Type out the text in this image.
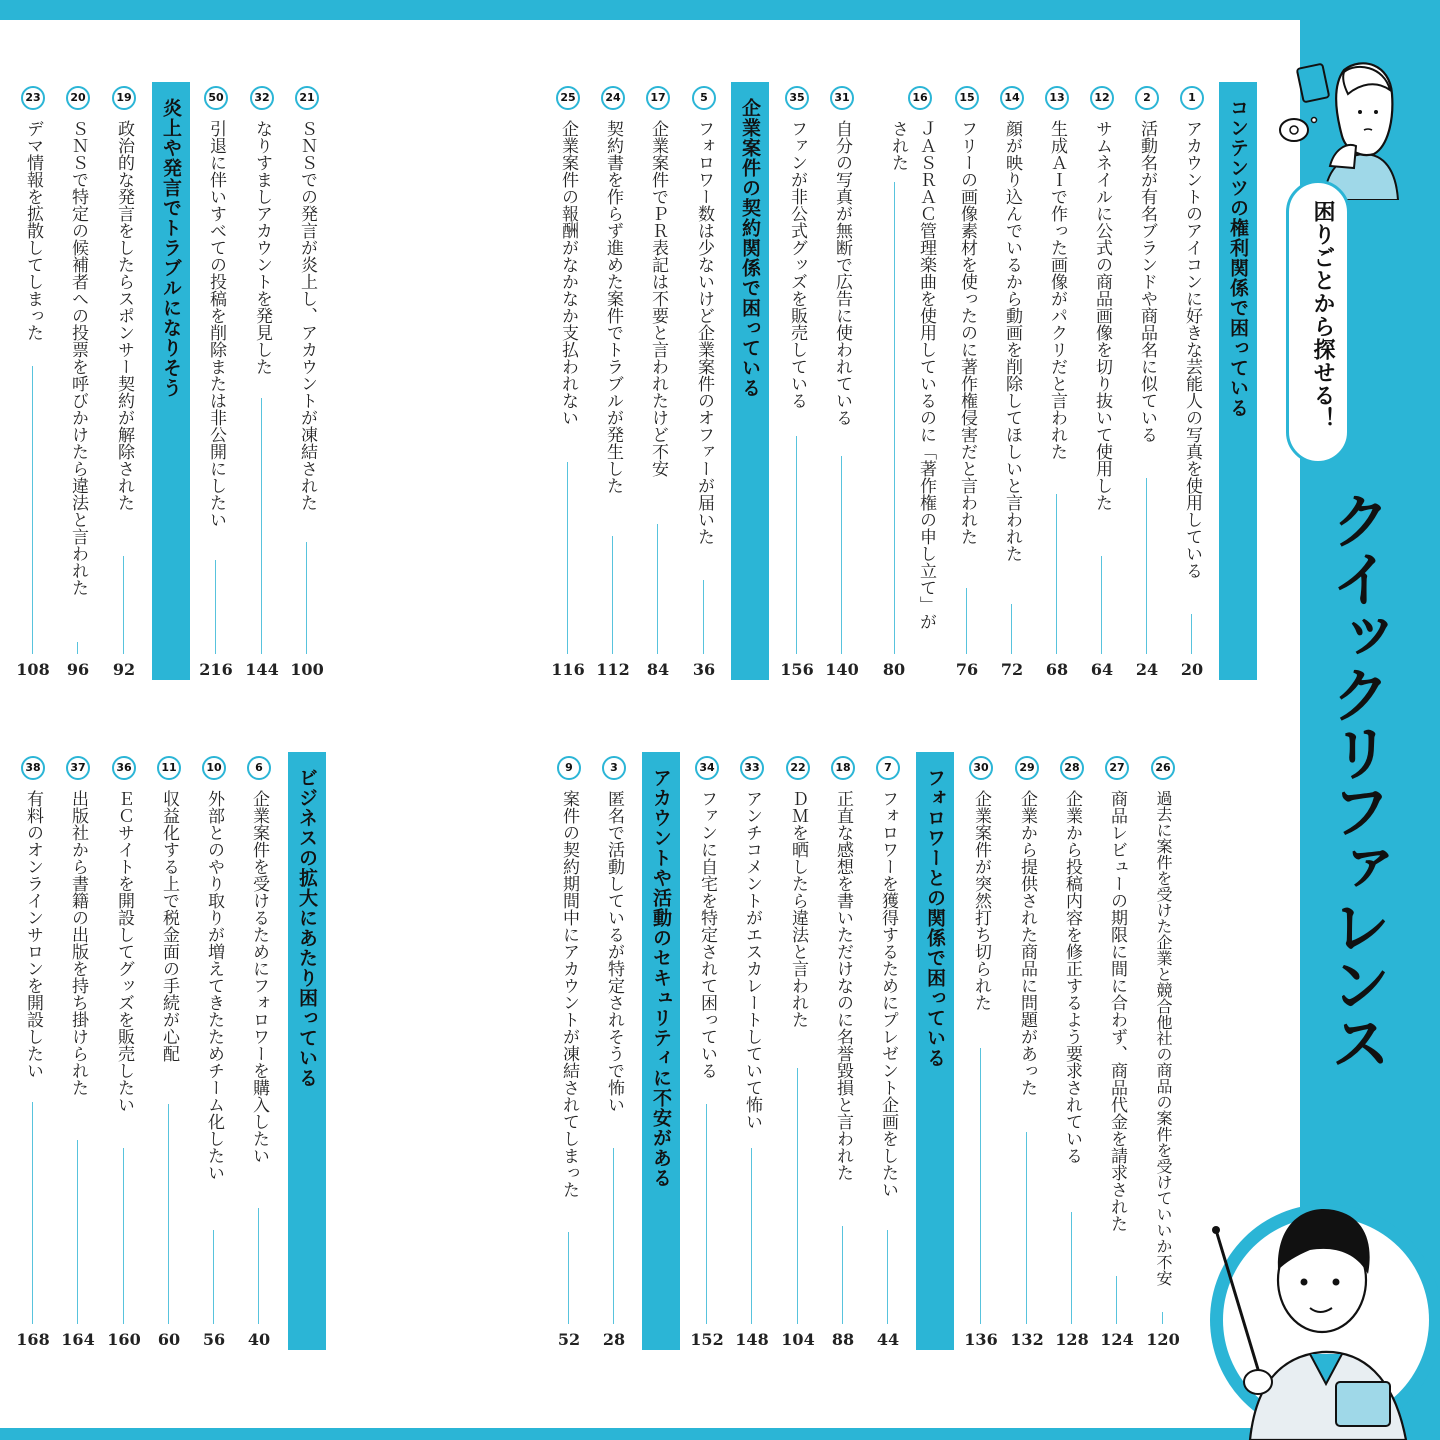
困りごとから探せる！
クイックリファレンス
コンテンツの権利関係で困っている
1
アカウントのアイコンに好きな芸能人の写真を使用している
20
2
活動名が有名ブランドや商品名に似ている
24
12
サムネイルに公式の商品画像を切り抜いて使用した
64
13
生成ＡＩで作った画像がパクリだと言われた
68
14
顔が映り込んでいるから動画を削除してほしいと言われた
72
15
フリーの画像素材を使ったのに著作権侵害だと言われた
76
16
ＪＡＳＲＡＣ管理楽曲を使用しているのに「著作権の申し立て」がされた
80
31
自分の写真が無断で広告に使われている
140
35
ファンが非公式グッズを販売している
156
企業案件の契約関係で困っている
5
フォロワー数は少ないけど企業案件のオファーが届いた
36
17
企業案件でＰＲ表記は不要と言われたけど不安
84
24
契約書を作らず進めた案件でトラブルが発生した
112
25
企業案件の報酬がなかなか支払われない
116
21
ＳＮＳでの発言が炎上し、アカウントが凍結された
100
32
なりすましアカウントを発見した
144
50
引退に伴いすべての投稿を削除または非公開にしたい
216
炎上や発言でトラブルになりそう
19
政治的な発言をしたらスポンサー契約が解除された
92
20
ＳＮＳで特定の候補者への投票を呼びかけたら違法と言われた
96
23
デマ情報を拡散してしまった
108
26
過去に案件を受けた企業と競合他社の商品の案件を受けていいか不安
120
27
商品レビューの期限に間に合わず、商品代金を請求された
124
28
企業から投稿内容を修正するよう要求されている
128
29
企業から提供された商品に問題があった
132
30
企業案件が突然打ち切られた
136
フォロワーとの関係で困っている
7
フォロワーを獲得するためにプレゼント企画をしたい
44
18
正直な感想を書いただけなのに名誉毀損と言われた
88
22
ＤＭを晒したら違法と言われた
104
33
アンチコメントがエスカレートしていて怖い
148
34
ファンに自宅を特定されて困っている
152
アカウントや活動のセキュリティに不安がある
3
匿名で活動しているが特定されそうで怖い
28
9
案件の契約期間中にアカウントが凍結されてしまった
52
ビジネスの拡大にあたり困っている
6
企業案件を受けるためにフォロワーを購入したい
40
10
外部とのやり取りが増えてきたためチーム化したい
56
11
収益化する上で税金面の手続が心配
60
36
ＥＣサイトを開設してグッズを販売したい
160
37
出版社から書籍の出版を持ち掛けられた
164
38
有料のオンラインサロンを開設したい
168
